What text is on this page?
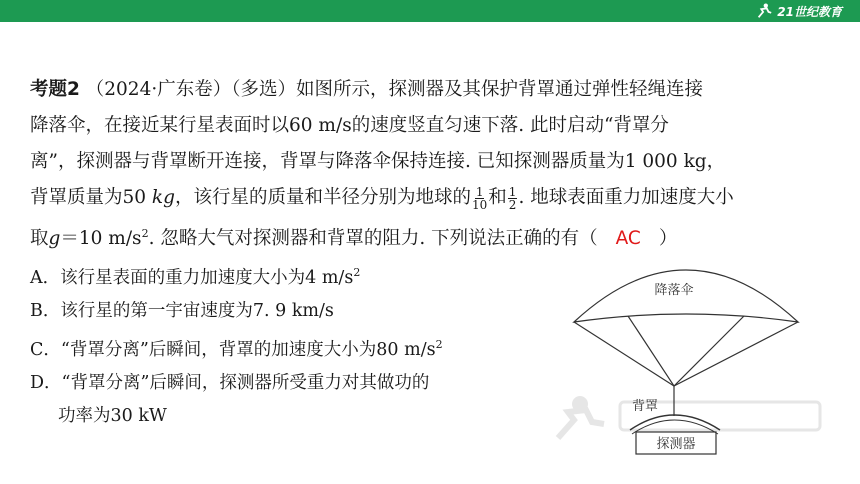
21世纪教育
考题2 （2024·广东卷）（多选）如图所示，探测器及其保护背罩通过弹性轻绳连接
降落伞，在接近某行星表面时以60 m/s的速度竖直匀速下落. 此时启动“背罩分
离”，探测器与背罩断开连接，背罩与降落伞保持连接. 已知探测器质量为1 000 kg，
背罩质量为50 kg，该行星的质量和半径分别为地球的 $\frac{1}{10}$ 和 $\frac{1}{2}$ . 地球表面重力加速度大小
取g＝10 $m/s^2$. 忽略大气对探测器和背罩的阻力. 下列说法正确的有（ AC ）
A．该行星表面的重力加速度大小为4 $m/s^2$
B．该行星的第一宇宙速度为7. 9 km/s
C．“背罩分离”后瞬间，背罩的加速度大小为80 $m/s^2$
D．“背罩分离”后瞬间，探测器所受重力对其做功的
功率为30 kW
降落伞
背罩
探测器
